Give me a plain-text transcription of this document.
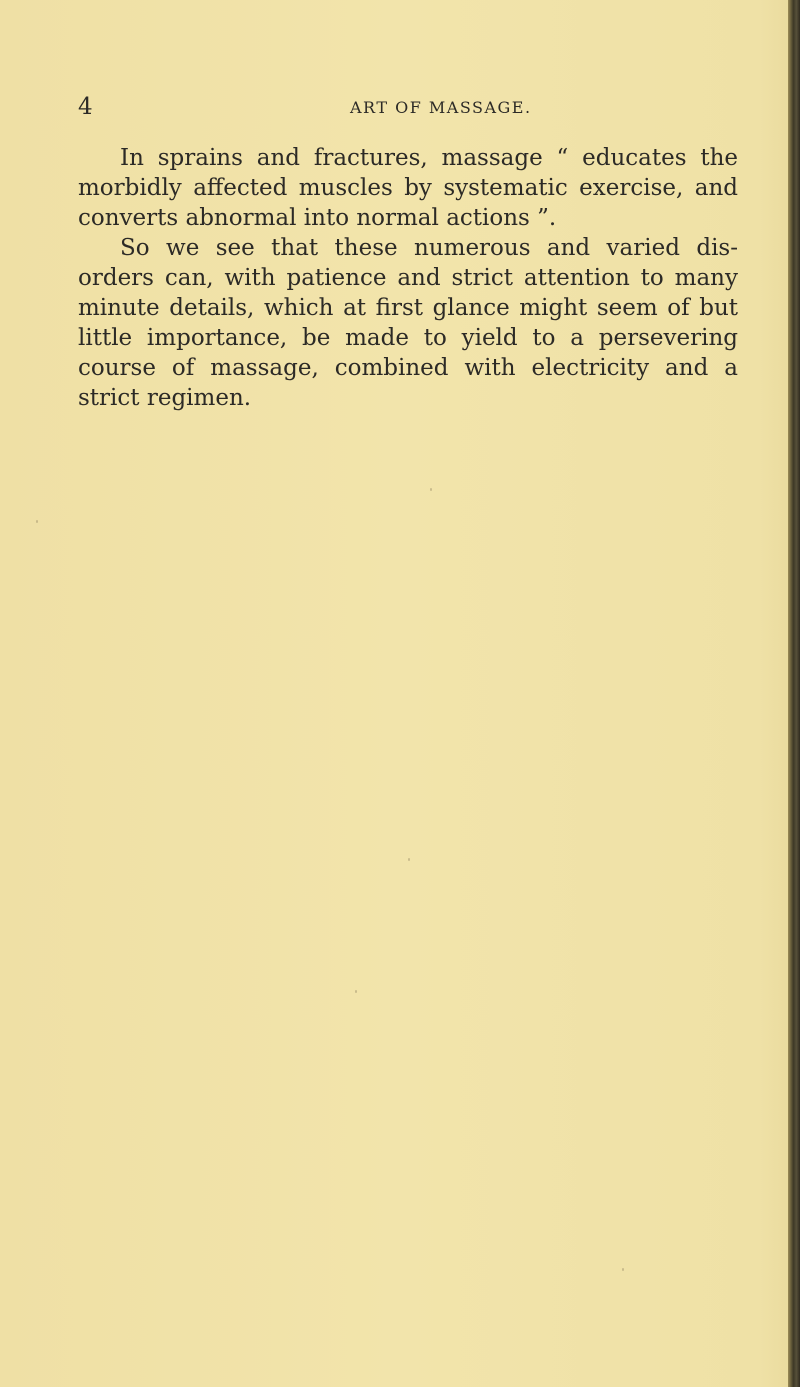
4	ART OF MASSAGE.

In sprains and fractures, massage “ educates the morbidly affected muscles by systematic exercise, and converts abnormal into normal actions ”.

So we see that these numerous and varied dis- orders can, with patience and strict attention to many minute details, which at first glance might seem of but little importance, be made to yield to a persevering course of massage, combined with electricity and a strict regimen.
